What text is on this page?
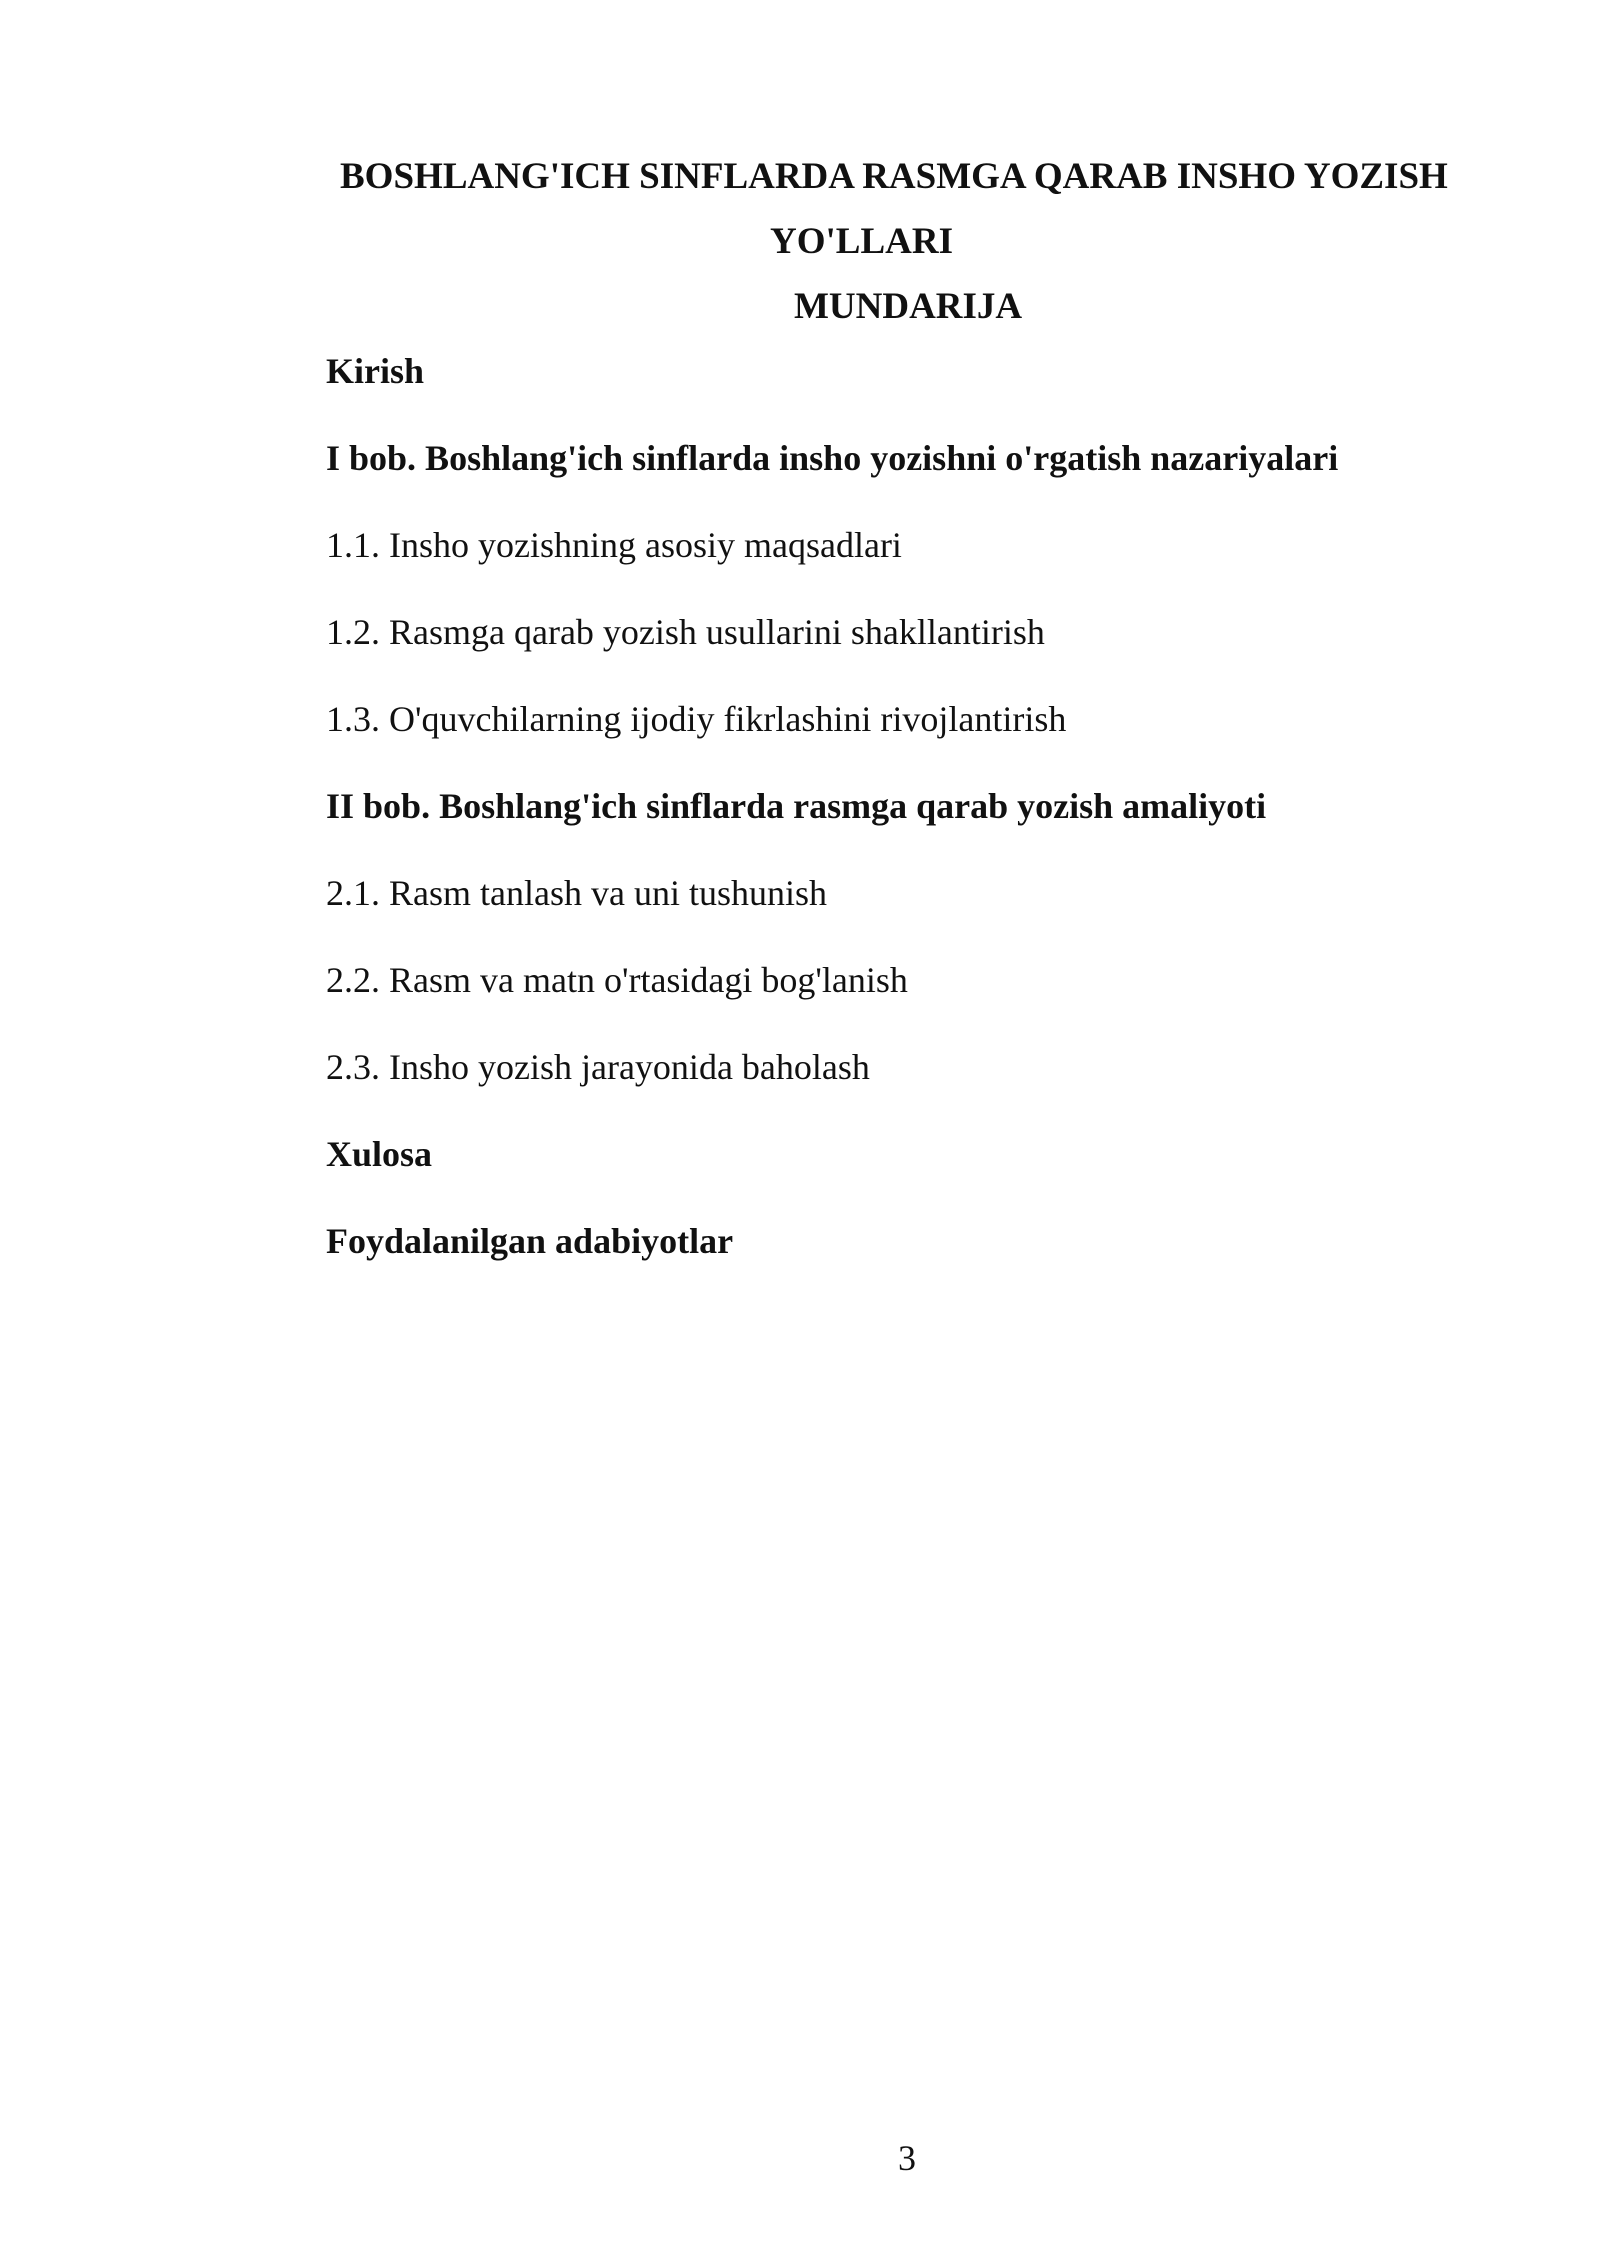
BOSHLANG'ICH SINFLARDA RASMGA QARAB INSHO YOZISH
YO'LLARI
MUNDARIJA
Kirish
I bob. Boshlang'ich sinflarda insho yozishni o'rgatish nazariyalari
1.1. Insho yozishning asosiy maqsadlari
1.2. Rasmga qarab yozish usullarini shakllantirish
1.3. O'quvchilarning ijodiy fikrlashini rivojlantirish
II bob. Boshlang'ich sinflarda rasmga qarab yozish amaliyoti
2.1. Rasm tanlash va uni tushunish
2.2. Rasm va matn o'rtasidagi bog'lanish
2.3. Insho yozish jarayonida baholash
Xulosa
Foydalanilgan adabiyotlar
3
